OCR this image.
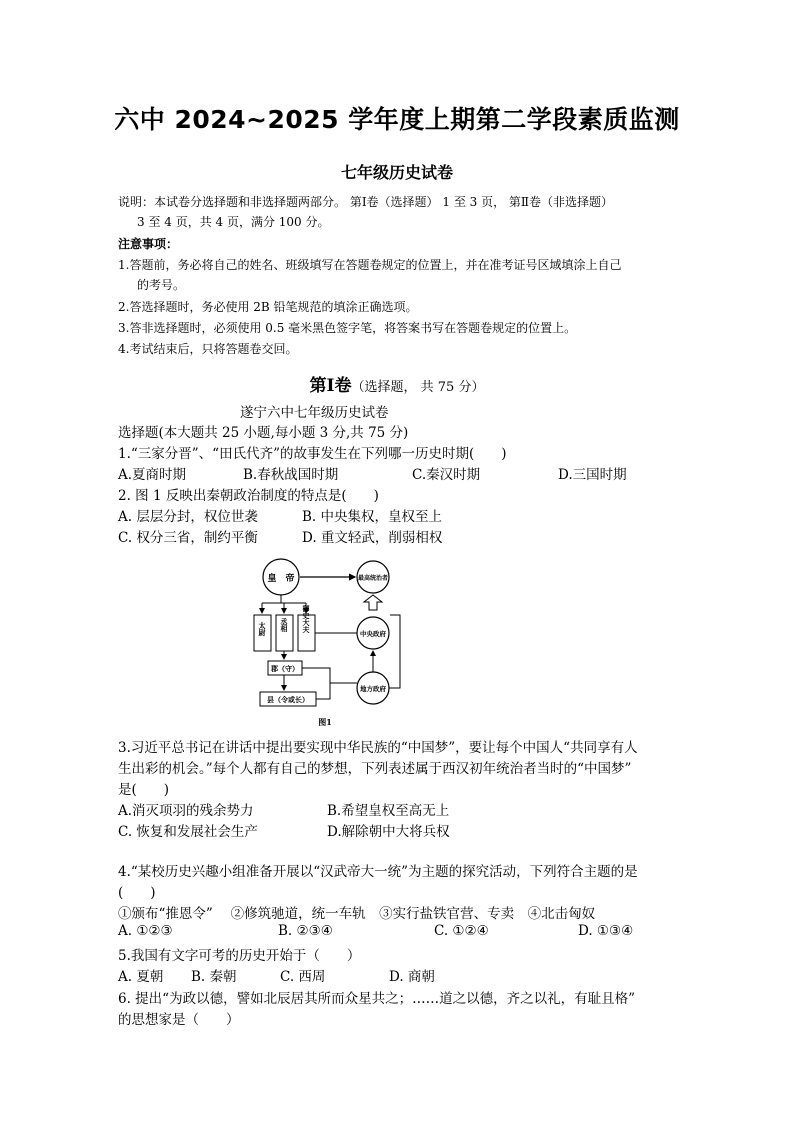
六中 2024~2025 学年度上期第二学段素质监测
七年级历史试卷
说明：本试卷分选择题和非选择题两部分。 第Ⅰ卷（选择题） 1 至 3 页， 第Ⅱ卷（非选择题）
3 至 4 页，共 4 页，满分 100 分。
注意事项：
1.答题前，务必将自己的姓名、班级填写在答题卷规定的位置上，并在准考证号区域填涂上自己
的考号。
2.答选择题时，务必使用 2B 铅笔规范的填涂正确选项。
3.答非选择题时，必须使用 0.5 毫米黑色签字笔，将答案书写在答题卷规定的位置上。
4.考试结束后，只将答题卷交回。
第Ⅰ卷（选择题， 共 75 分）
遂宁六中七年级历史试卷
选择题(本大题共 25 小题,每小题 3 分,共 75 分)
1.“三家分晋”、“田氏代齐”的故事发生在下列哪一历史时期(　　)
A.夏商时期	B.春秋战国时期	C.秦汉时期	D.三国时期
2. 图 1 反映出秦朝政治制度的特点是(　　)
A. 层层分封，权位世袭	B. 中央集权，皇权至上
C. 权分三省，制约平衡	D. 重文轻武，削弱相权
皇　帝	最高统治者
太尉 丞相 御史大夫
中央政府
郡（守）
县（令或长）
地方政府
图1
3.习近平总书记在讲话中提出要实现中华民族的“中国梦”，要让每个中国人“共同享有人
生出彩的机会。”每个人都有自己的梦想，下列表述属于西汉初年统治者当时的“中国梦”
是(　　)
A.消灭项羽的残余势力	B.希望皇权至高无上
C. 恢复和发展社会生产	D.解除朝中大将兵权
4.“某校历史兴趣小组准备开展以“汉武帝大一统”为主题的探究活动，下列符合主题的是
(　　)
①颁布“推恩令”　 ②修筑驰道，统一车轨　③实行盐铁官营、专卖　④北击匈奴
A. ①②③	B. ②③④	C. ①②④	D. ①③④
5.我国有文字可考的历史开始于（　　）
A. 夏朝 B. 秦朝	C. 西周	D. 商朝
6. 提出“为政以德，譬如北辰居其所而众星共之；……道之以德，齐之以礼，有耻且格”
的思想家是（　　）
